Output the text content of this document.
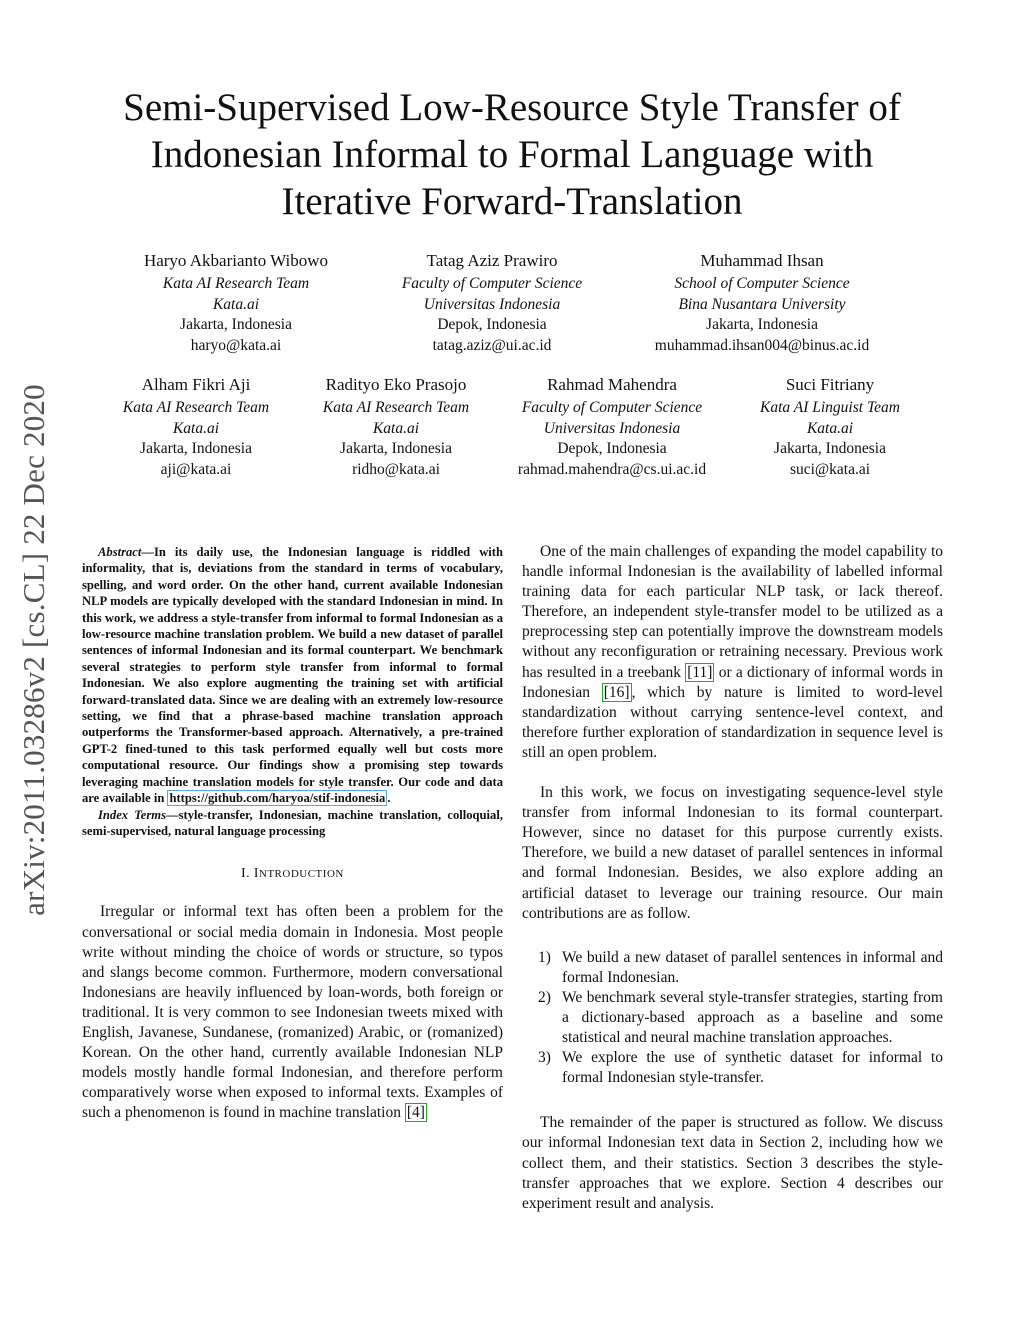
arXiv:2011.03286v2 [cs.CL] 22 Dec 2020
Semi-Supervised Low-Resource Style Transfer of
Indonesian Informal to Formal Language with
Iterative Forward-Translation
Haryo Akbarianto Wibowo
Kata AI Research Team
Kata.ai
Jakarta, Indonesia
haryo@kata.ai
Tatag Aziz Prawiro
Faculty of Computer Science
Universitas Indonesia
Depok, Indonesia
tatag.aziz@ui.ac.id
Muhammad Ihsan
School of Computer Science
Bina Nusantara University
Jakarta, Indonesia
muhammad.ihsan004@binus.ac.id
Alham Fikri Aji
Kata AI Research Team
Kata.ai
Jakarta, Indonesia
aji@kata.ai
Radityo Eko Prasojo
Kata AI Research Team
Kata.ai
Jakarta, Indonesia
ridho@kata.ai
Rahmad Mahendra
Faculty of Computer Science
Universitas Indonesia
Depok, Indonesia
rahmad.mahendra@cs.ui.ac.id
Suci Fitriany
Kata AI Linguist Team
Kata.ai
Jakarta, Indonesia
suci@kata.ai
Abstract—In its daily use, the Indonesian language is riddled with informality, that is, deviations from the standard in terms of vocabulary, spelling, and word order. On the other hand, current available Indonesian NLP models are typically developed with the standard Indonesian in mind. In this work, we address a style-transfer from informal to formal Indonesian as a low-resource machine translation problem. We build a new dataset of parallel sentences of informal Indonesian and its formal counterpart. We benchmark several strategies to perform style transfer from informal to formal Indonesian. We also explore augmenting the training set with artificial forward-translated data. Since we are dealing with an extremely low-resource setting, we find that a phrase-based machine translation approach outperforms the Transformer-based approach. Alternatively, a pre-trained GPT-2 fined-tuned to this task performed equally well but costs more computational resource. Our findings show a promising step towards leveraging machine translation models for style transfer. Our code and data are available in https://github.com/haryoa/stif-indonesia .
Index Terms—style-transfer, Indonesian, machine translation, colloquial, semi-supervised, natural language processing
I. INTRODUCTION

Irregular or informal text has often been a problem for the conversational or social media domain in Indonesia. Most people write without minding the choice of words or structure, so typos and slangs become common. Furthermore, modern conversational Indonesians are heavily influenced by loan-words, both foreign or traditional. It is very common to see Indonesian tweets mixed with English, Javanese, Sundanese, (romanized) Arabic, or (romanized) Korean. On the other hand, currently available Indonesian NLP models mostly handle formal Indonesian, and therefore perform comparatively worse when exposed to informal texts. Examples of such a phenomenon is found in machine translation [4]

One of the main challenges of expanding the model capability to handle informal Indonesian is the availability of labelled informal training data for each particular NLP task, or lack thereof. Therefore, an independent style-transfer model to be utilized as a preprocessing step can potentially improve the downstream models without any reconfiguration or retraining necessary. Previous work has resulted in a treebank [11] or a dictionary of informal words in Indonesian [16] , which by nature is limited to word-level standardization without carrying sentence-level context, and therefore further exploration of standardization in sequence level is still an open problem.

In this work, we focus on investigating sequence-level style transfer from informal Indonesian to its formal counterpart. However, since no dataset for this purpose currently exists. Therefore, we build a new dataset of parallel sentences in informal and formal Indonesian. Besides, we also explore adding an artificial dataset to leverage our training resource. Our main contributions are as follow.

1) We build a new dataset of parallel sentences in informal and formal Indonesian.
2) We benchmark several style-transfer strategies, starting from a dictionary-based approach as a baseline and some statistical and neural machine translation approaches.
3) We explore the use of synthetic dataset for informal to formal Indonesian style-transfer.

The remainder of the paper is structured as follow. We discuss our informal Indonesian text data in Section 2, including how we collect them, and their statistics. Section 3 describes the style-transfer approaches that we explore. Section 4 describes our experiment result and analysis.
